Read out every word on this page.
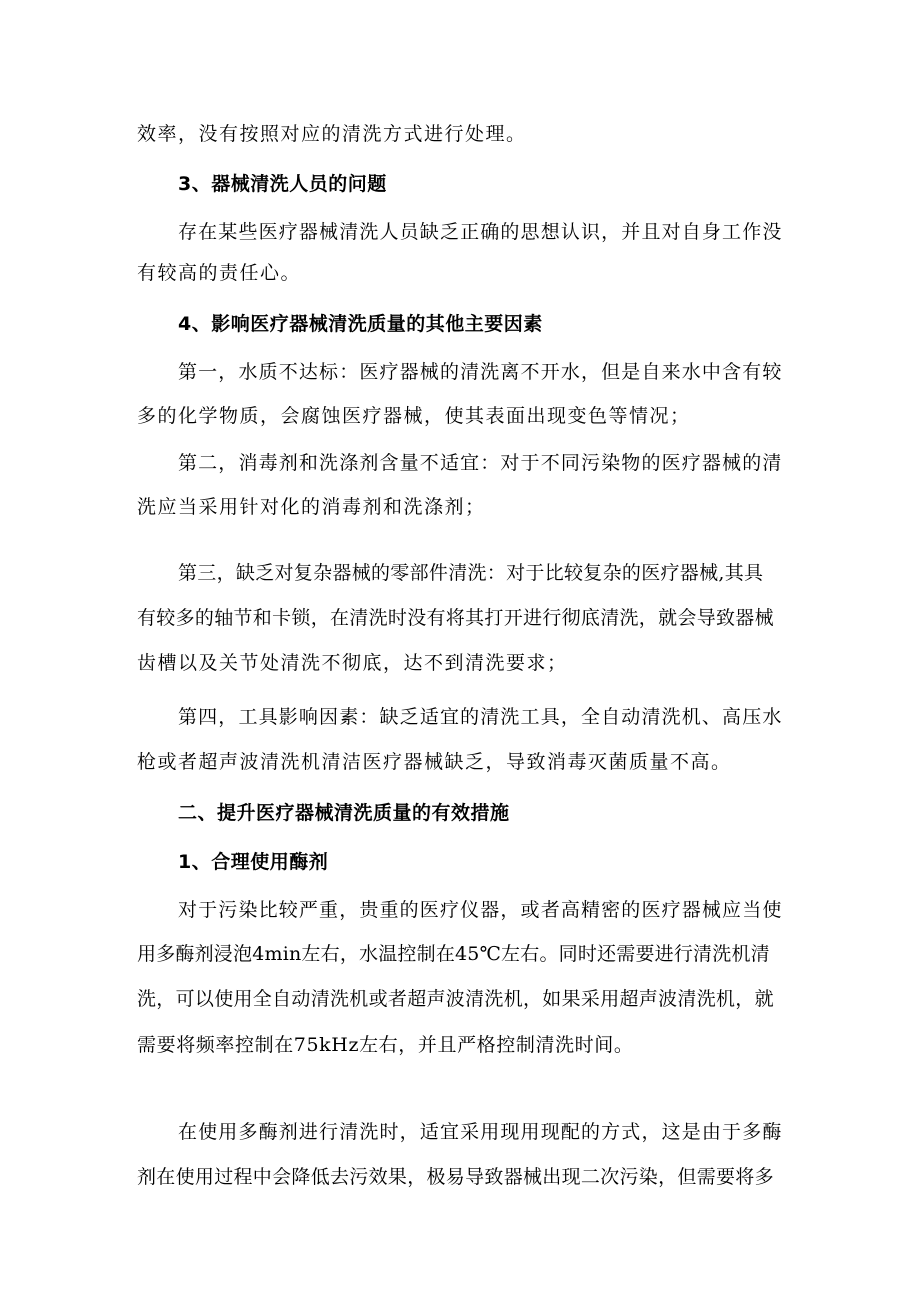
效率，没有按照对应的清洗方式进行处理。

3、器械清洗人员的问题

存在某些医疗器械清洗人员缺乏正确的思想认识，并且对自身工作没

有较高的责任心。

4、影响医疗器械清洗质量的其他主要因素

第一，水质不达标：医疗器械的清洗离不开水，但是自来水中含有较

多的化学物质，会腐蚀医疗器械，使其表面出现变色等情况；

第二，消毒剂和洗涤剂含量不适宜：对于不同污染物的医疗器械的清

洗应当采用针对化的消毒剂和洗涤剂；

第三，缺乏对复杂器械的零部件清洗：对于比较复杂的医疗器械,其具

有较多的轴节和卡锁，在清洗时没有将其打开进行彻底清洗，就会导致器械

齿槽以及关节处清洗不彻底，达不到清洗要求；

第四，工具影响因素：缺乏适宜的清洗工具，全自动清洗机、高压水

枪或者超声波清洗机清洁医疗器械缺乏，导致消毒灭菌质量不高。

二、提升医疗器械清洗质量的有效措施

1、合理使用酶剂

对于污染比较严重，贵重的医疗仪器，或者高精密的医疗器械应当使

用多酶剂浸泡4min左右，水温控制在45℃左右。同时还需要进行清洗机清

洗，可以使用全自动清洗机或者超声波清洗机，如果采用超声波清洗机，就

需要将频率控制在75kHz左右，并且严格控制清洗时间。

在使用多酶剂进行清洗时，适宜采用现用现配的方式，这是由于多酶

剂在使用过程中会降低去污效果，极易导致器械出现二次污染，但需要将多
